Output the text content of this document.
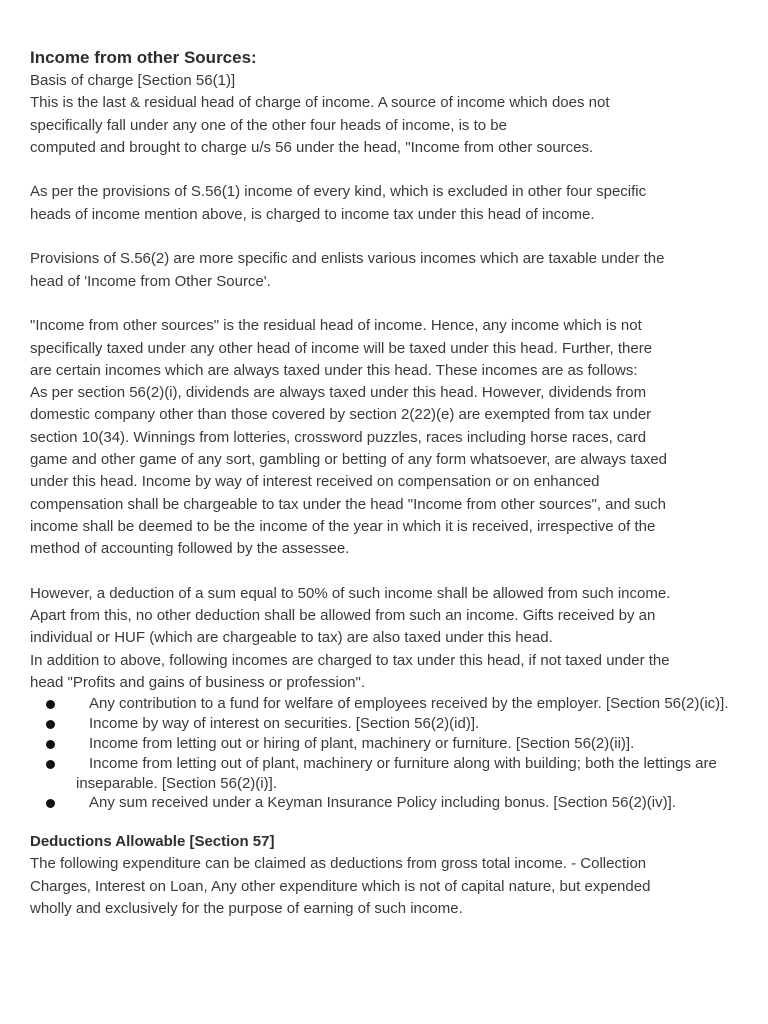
Income from other Sources:

Basis of charge [Section 56(1)]

This is the last & residual head of charge of income. A source of income which does not

specifically fall under any one of the other four heads of income, is to be

computed and brought to charge u/s 56 under the head, "Income from other sources.

As per the provisions of S.56(1) income of every kind, which is excluded in other four specific

heads of income mention above, is charged to income tax under this head of income.

Provisions of S.56(2) are more specific and enlists various incomes which are taxable under the

head of 'Income from Other Source'.

"Income from other sources" is the residual head of income. Hence, any income which is not

specifically taxed under any other head of income will be taxed under this head. Further, there

are certain incomes which are always taxed under this head. These incomes are as follows:

As per section 56(2)(i), dividends are always taxed under this head. However, dividends from

domestic company other than those covered by section 2(22)(e) are exempted from tax under

section 10(34). Winnings from lotteries, crossword puzzles, races including horse races, card

game and other game of any sort, gambling or betting of any form whatsoever, are always taxed

under this head. Income by way of interest received on compensation or on enhanced

compensation shall be chargeable to tax under the head "Income from other sources", and such

income shall be deemed to be the income of the year in which it is received, irrespective of the

method of accounting followed by the assessee.

However, a deduction of a sum equal to 50% of such income shall be allowed from such income.

Apart from this, no other deduction shall be allowed from such an income. Gifts received by an

individual or HUF (which are chargeable to tax) are also taxed under this head.

In addition to above, following incomes are charged to tax under this head, if not taxed under the

head "Profits and gains of business or profession".

Any contribution to a fund for welfare of employees received by the employer. [Section 56(2)(ic)].
Income by way of interest on securities. [Section 56(2)(id)].
Income from letting out or hiring of plant, machinery or furniture. [Section 56(2)(ii)].
Income from letting out of plant, machinery or furniture along with building; both the lettings are inseparable. [Section 56(2)(i)].
Any sum received under a Keyman Insurance Policy including bonus. [Section 56(2)(iv)].

Deductions Allowable [Section 57]

The following expenditure can be claimed as deductions from gross total income. - Collection

Charges, Interest on Loan, Any other expenditure which is not of capital nature, but expended

wholly and exclusively for the purpose of earning of such income.
